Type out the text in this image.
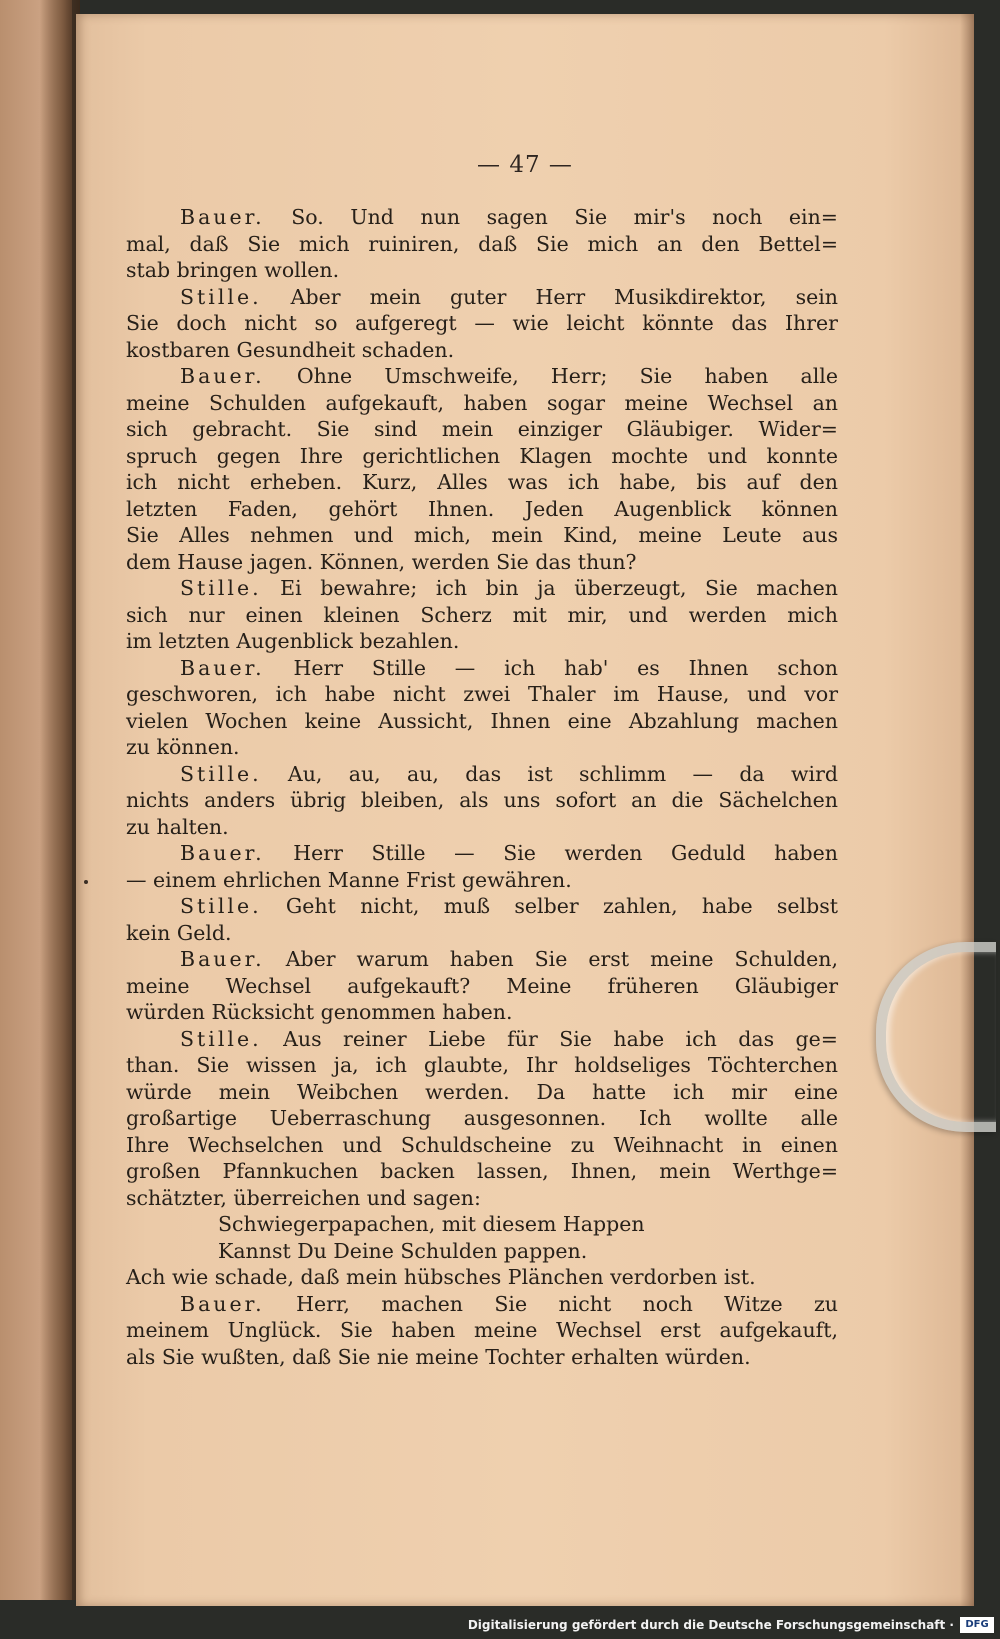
— 47 —
Bauer. So. Und nun sagen Sie mir's noch ein=
mal, daß Sie mich ruiniren, daß Sie mich an den Bettel=
stab bringen wollen.
Stille. Aber mein guter Herr Musikdirektor, sein
Sie doch nicht so aufgeregt — wie leicht könnte das Ihrer
kostbaren Gesundheit schaden.
Bauer. Ohne Umschweife, Herr; Sie haben alle
meine Schulden aufgekauft, haben sogar meine Wechsel an
sich gebracht. Sie sind mein einziger Gläubiger. Wider=
spruch gegen Ihre gerichtlichen Klagen mochte und konnte
ich nicht erheben. Kurz, Alles was ich habe, bis auf den
letzten Faden, gehört Ihnen. Jeden Augenblick können
Sie Alles nehmen und mich, mein Kind, meine Leute aus
dem Hause jagen. Können, werden Sie das thun?
Stille. Ei bewahre; ich bin ja überzeugt, Sie machen
sich nur einen kleinen Scherz mit mir, und werden mich
im letzten Augenblick bezahlen.
Bauer. Herr Stille — ich hab' es Ihnen schon
geschworen, ich habe nicht zwei Thaler im Hause, und vor
vielen Wochen keine Aussicht, Ihnen eine Abzahlung machen
zu können.
Stille. Au, au, au, das ist schlimm — da wird
nichts anders übrig bleiben, als uns sofort an die Sächelchen
zu halten.
Bauer. Herr Stille — Sie werden Geduld haben
— einem ehrlichen Manne Frist gewähren.
Stille. Geht nicht, muß selber zahlen, habe selbst
kein Geld.
Bauer. Aber warum haben Sie erst meine Schulden,
meine Wechsel aufgekauft? Meine früheren Gläubiger
würden Rücksicht genommen haben.
Stille. Aus reiner Liebe für Sie habe ich das ge=
than. Sie wissen ja, ich glaubte, Ihr holdseliges Töchterchen
würde mein Weibchen werden. Da hatte ich mir eine
großartige Ueberraschung ausgesonnen. Ich wollte alle
Ihre Wechselchen und Schuldscheine zu Weihnacht in einen
großen Pfannkuchen backen lassen, Ihnen, mein Werthge=
schätzter, überreichen und sagen:
Schwiegerpapachen, mit diesem Happen
Kannst Du Deine Schulden pappen.
Ach wie schade, daß mein hübsches Plänchen verdorben ist.
Bauer. Herr, machen Sie nicht noch Witze zu
meinem Unglück. Sie haben meine Wechsel erst aufgekauft,
als Sie wußten, daß Sie nie meine Tochter erhalten würden.
Digitalisierung gefördert durch die Deutsche Forschungsgemeinschaft ·	DFG
